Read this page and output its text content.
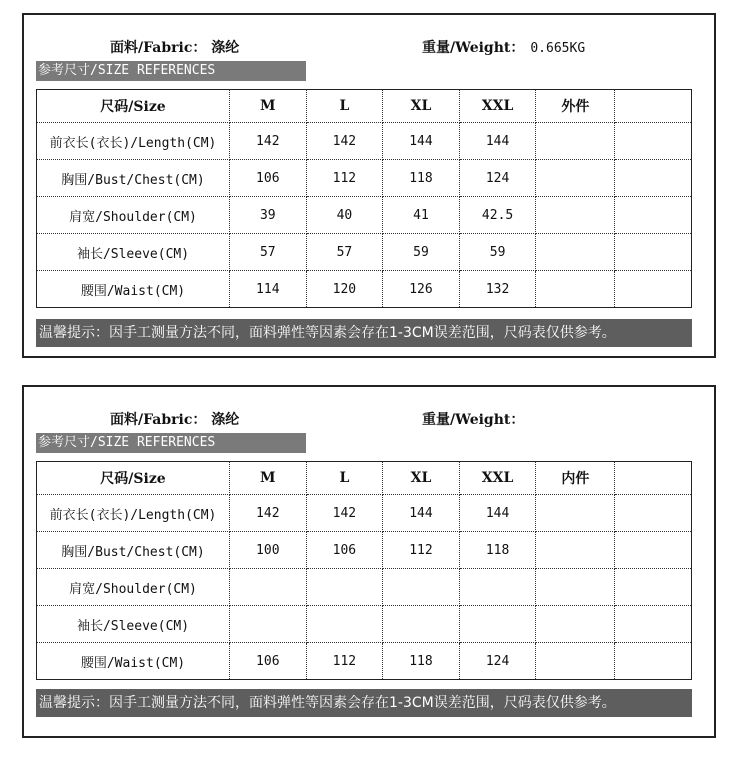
面料/Fabric： 涤纶	重量/Weight： 0.665KG
参考尺寸/SIZE REFERENCES
尺码/Size	M	L	XL	XXL	外件	
前衣长(衣长)/Length(CM)	142	142	144	144		
胸围/Bust/Chest(CM)	106	112	118	124		
肩宽/Shoulder(CM)	39	40	41	42.5		
袖长/Sleeve(CM)	57	57	59	59		
腰围/Waist(CM)	114	120	126	132		
温馨提示：因手工测量方法不同，面料弹性等因素会存在1-3CM误差范围，尺码表仅供参考。
面料/Fabric： 涤纶	重量/Weight：
参考尺寸/SIZE REFERENCES
尺码/Size	M	L	XL	XXL	内件	
前衣长(衣长)/Length(CM)	142	142	144	144		
胸围/Bust/Chest(CM)	100	106	112	118		
肩宽/Shoulder(CM)						
袖长/Sleeve(CM)						
腰围/Waist(CM)	106	112	118	124		
温馨提示：因手工测量方法不同，面料弹性等因素会存在1-3CM误差范围，尺码表仅供参考。
